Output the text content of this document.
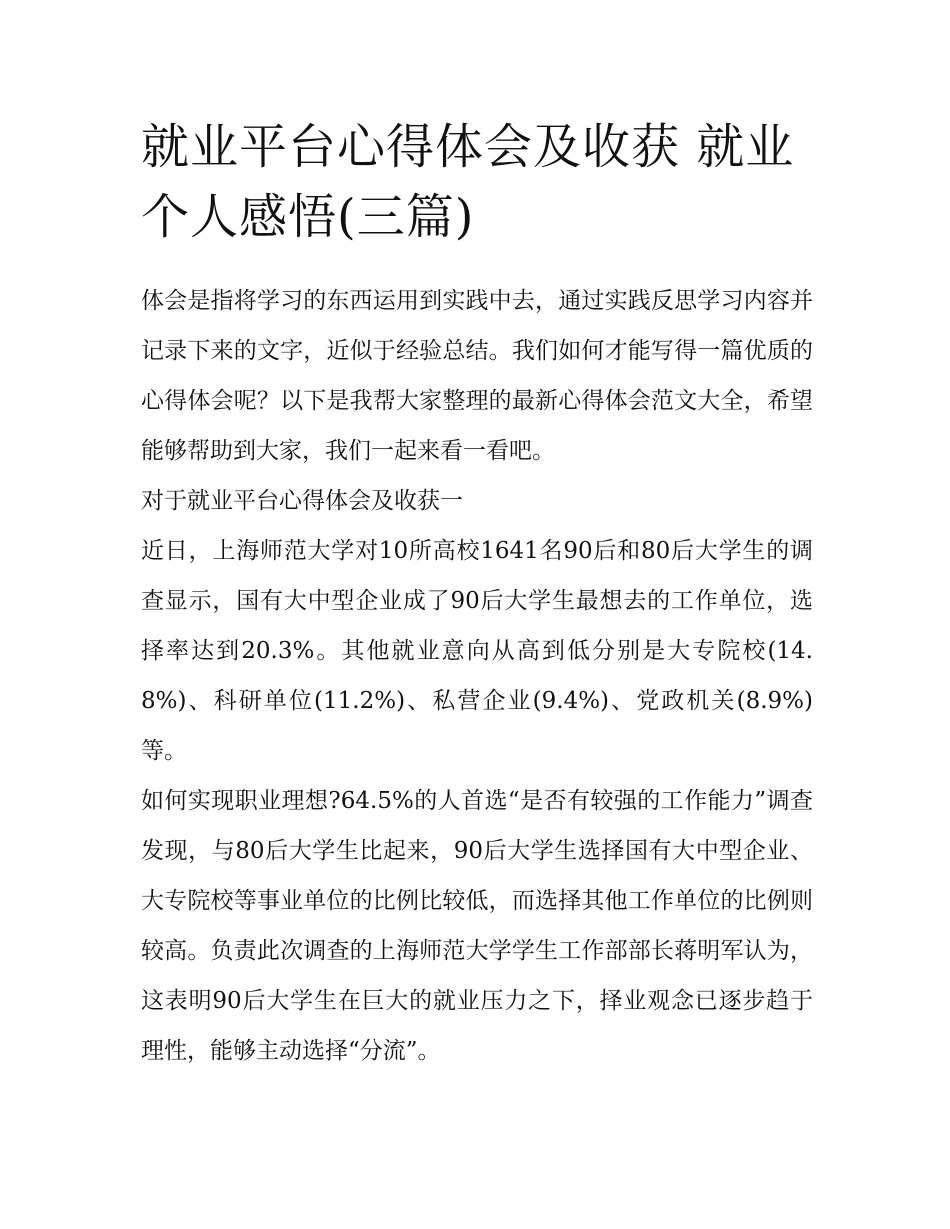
就业平台心得体会及收获 就业个人感悟(三篇)

体会是指将学习的东西运用到实践中去，通过实践反思学习内容并记录下来的文字，近似于经验总结。我们如何才能写得一篇优质的心得体会呢？以下是我帮大家整理的最新心得体会范文大全，希望能够帮助到大家，我们一起来看一看吧。

对于就业平台心得体会及收获一

近日，上海师范大学对10所高校1641名90后和80后大学生的调查显示，国有大中型企业成了90后大学生最想去的工作单位，选择率达到20.3%。其他就业意向从高到低分别是大专院校(14.8%)、科研单位(11.2%)、私营企业(9.4%)、党政机关(8.9%)等。

如何实现职业理想?64.5%的人首选“是否有较强的工作能力”调查发现，与80后大学生比起来，90后大学生选择国有大中型企业、大专院校等事业单位的比例比较低，而选择其他工作单位的比例则较高。负责此次调查的上海师范大学学生工作部部长蒋明军认为，这表明90后大学生在巨大的就业压力之下，择业观念已逐步趋于理性，能够主动选择“分流”。
